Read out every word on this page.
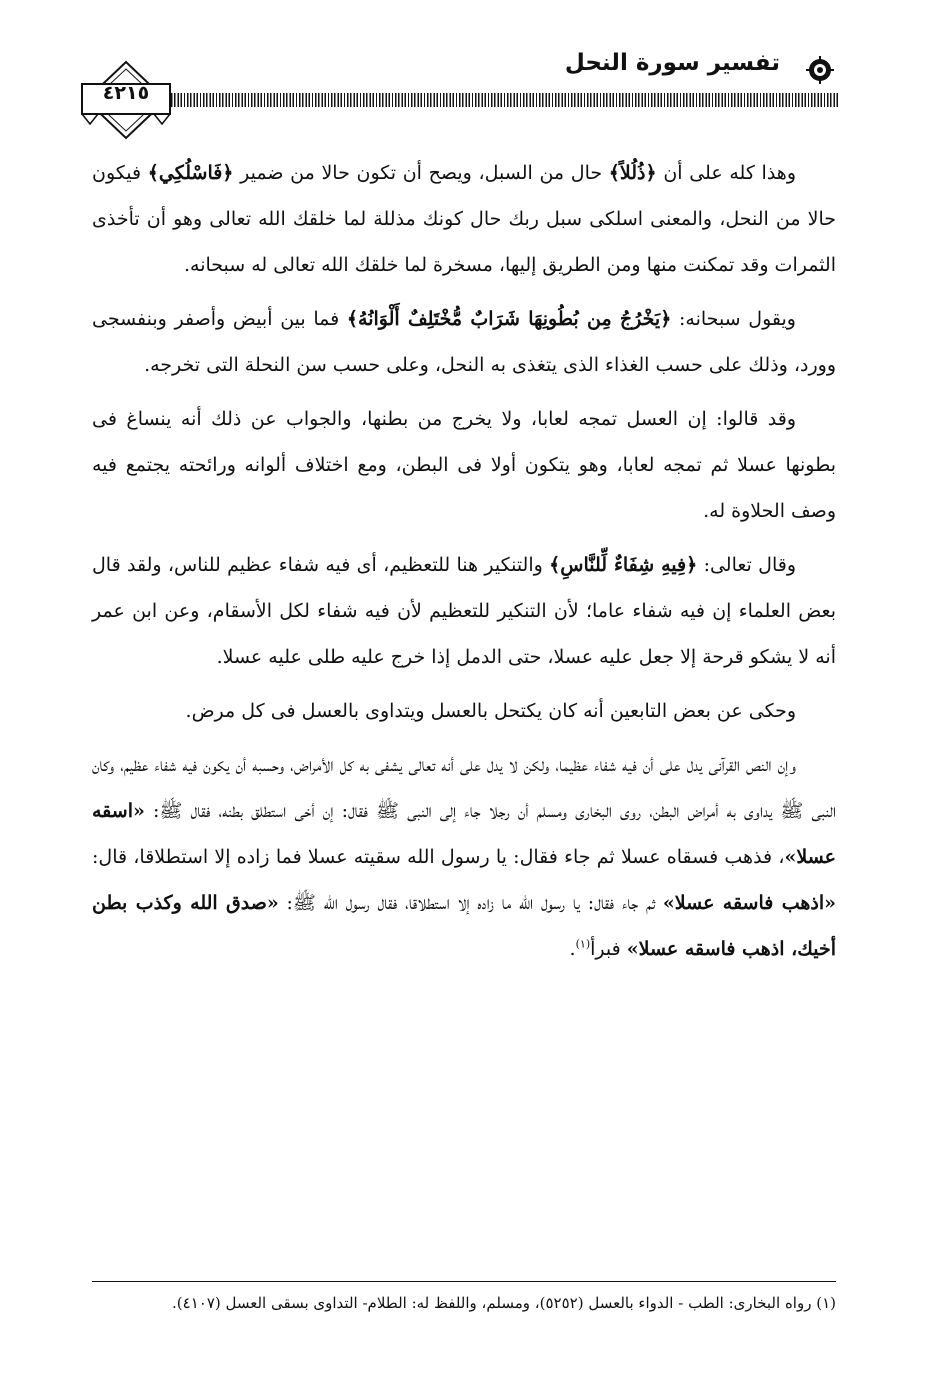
تفسير سورة النحل
٤٢١٥

وهذا كله على أن ﴿ذُلُلاً﴾ حال من السبل، ويصح أن تكون حالا من ضمير ﴿فَاسْلُكِي﴾ فيكون حالا من النحل، والمعنى اسلكى سبل ربك حال كونك مذللة لما خلقك الله تعالى وهو أن تأخذى الثمرات وقد تمكنت منها ومن الطريق إليها، مسخرة لما خلقك الله تعالى له سبحانه.

ويقول سبحانه: ﴿يَخْرُجُ مِن بُطُونِهَا شَرَابٌ مُّخْتَلِفٌ أَلْوَانُهُ﴾ فما بين أبيض وأصفر وبنفسجى وورد، وذلك على حسب الغذاء الذى يتغذى به النحل، وعلى حسب سن النحلة التى تخرجه.

وقد قالوا: إن العسل تمجه لعابا، ولا يخرج من بطنها، والجواب عن ذلك أنه ينساغ فى بطونها عسلا ثم تمجه لعابا، وهو يتكون أولا فى البطن، ومع اختلاف ألوانه ورائحته يجتمع فيه وصف الحلاوة له.

وقال تعالى: ﴿فِيهِ شِفَاءٌ لِّلنَّاسِ﴾ والتنكير هنا للتعظيم، أى فيه شفاء عظيم للناس، ولقد قال بعض العلماء إن فيه شفاء عاما؛ لأن التنكير للتعظيم لأن فيه شفاء لكل الأسقام، وعن ابن عمر أنه لا يشكو قرحة إلا جعل عليه عسلا، حتى الدمل إذا خرج عليه طلى عليه عسلا.

وحكى عن بعض التابعين أنه كان يكتحل بالعسل ويتداوى بالعسل فى كل مرض.

وإن النص القرآنى يدل على أن فيه شفاء عظيما، ولكن لا يدل على أنه تعالى يشفى به كل الأمراض، وحسبه أن يكون فيه شفاء عظيم، وكان النبى ﷺ يداوى به أمراض البطن، روى البخارى ومسلم أن رجلا جاء إلى النبى ﷺ فقال: إن أخى استطلق بطنه، فقال ﷺ: «اسقه عسلا»، فذهب فسقاه عسلا ثم جاء فقال: يا رسول الله سقيته عسلا فما زاده إلا استطلاقا، قال: «اذهب فاسقه عسلا» ثم جاء فقال: يا رسول الله ما زاده إلا استطلاقا، فقال رسول الله ﷺ: «صدق الله وكذب بطن أخيك، اذهب فاسقه عسلا» فبرأ$^{(١)}$.

(١) رواه البخارى: الطب - الدواء بالعسل (٥٢٥٢)، ومسلم، واللفظ له: الطلام- التداوى بسقى العسل (٤١٠٧).
